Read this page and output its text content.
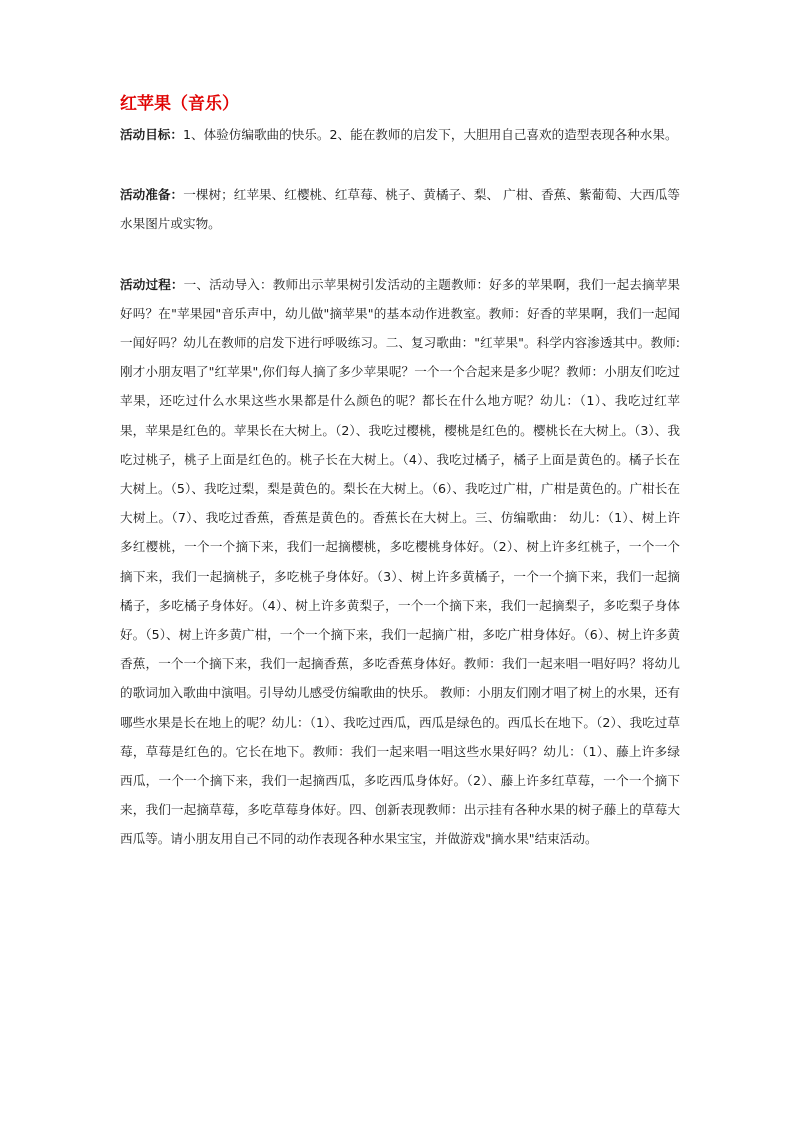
红苹果（音乐）

活动目标：1、体验仿编歌曲的快乐。2、能在教师的启发下，大胆用自己喜欢的造型表现各种水果。

活动准备：一棵树；红苹果、红樱桃、红草莓、桃子、黄橘子、梨、 广柑、香蕉、紫葡萄、大西瓜等水果图片或实物。

活动过程：一、活动导入：教师出示苹果树引发活动的主题教师：好多的苹果啊，我们一起去摘苹果好吗？在"苹果园"音乐声中，幼儿做"摘苹果"的基本动作进教室。教师：好香的苹果啊，我们一起闻一闻好吗？幼儿在教师的启发下进行呼吸练习。二、复习歌曲："红苹果"。科学内容渗透其中。教师:刚才小朋友唱了"红苹果",你们每人摘了多少苹果呢？一个一个合起来是多少呢？教师：小朋友们吃过苹果，还吃过什么水果这些水果都是什么颜色的呢？都长在什么地方呢？幼儿：（1）、我吃过红苹果，苹果是红色的。苹果长在大树上。（2）、我吃过樱桃，樱桃是红色的。樱桃长在大树上。（3）、我吃过桃子，桃子上面是红色的。桃子长在大树上。（4）、我吃过橘子，橘子上面是黄色的。橘子长在大树上。（5）、我吃过梨，梨是黄色的。梨长在大树上。（6）、我吃过广柑，广柑是黄色的。广柑长在大树上。（7）、我吃过香蕉，香蕉是黄色的。香蕉长在大树上。三、仿编歌曲： 幼儿：（1）、树上许多红樱桃，一个一个摘下来，我们一起摘樱桃，多吃樱桃身体好。（2）、树上许多红桃子，一个一个摘下来，我们一起摘桃子，多吃桃子身体好。（3）、树上许多黄橘子，一个一个摘下来，我们一起摘橘子，多吃橘子身体好。（4）、树上许多黄梨子，一个一个摘下来，我们一起摘梨子，多吃梨子身体好。（5）、树上许多黄广柑，一个一个摘下来，我们一起摘广柑，多吃广柑身体好。（6）、树上许多黄香蕉，一个一个摘下来，我们一起摘香蕉，多吃香蕉身体好。教师：我们一起来唱一唱好吗？将幼儿的歌词加入歌曲中演唱。引导幼儿感受仿编歌曲的快乐。 教师：小朋友们刚才唱了树上的水果，还有哪些水果是长在地上的呢？幼儿：（1）、我吃过西瓜，西瓜是绿色的。西瓜长在地下。（2）、我吃过草莓，草莓是红色的。它长在地下。教师：我们一起来唱一唱这些水果好吗？幼儿：（1）、藤上许多绿西瓜，一个一个摘下来，我们一起摘西瓜，多吃西瓜身体好。（2）、藤上许多红草莓，一个一个摘下来，我们一起摘草莓，多吃草莓身体好。四、创新表现教师：出示挂有各种水果的树子藤上的草莓大西瓜等。请小朋友用自己不同的动作表现各种水果宝宝，并做游戏"摘水果"结束活动。
